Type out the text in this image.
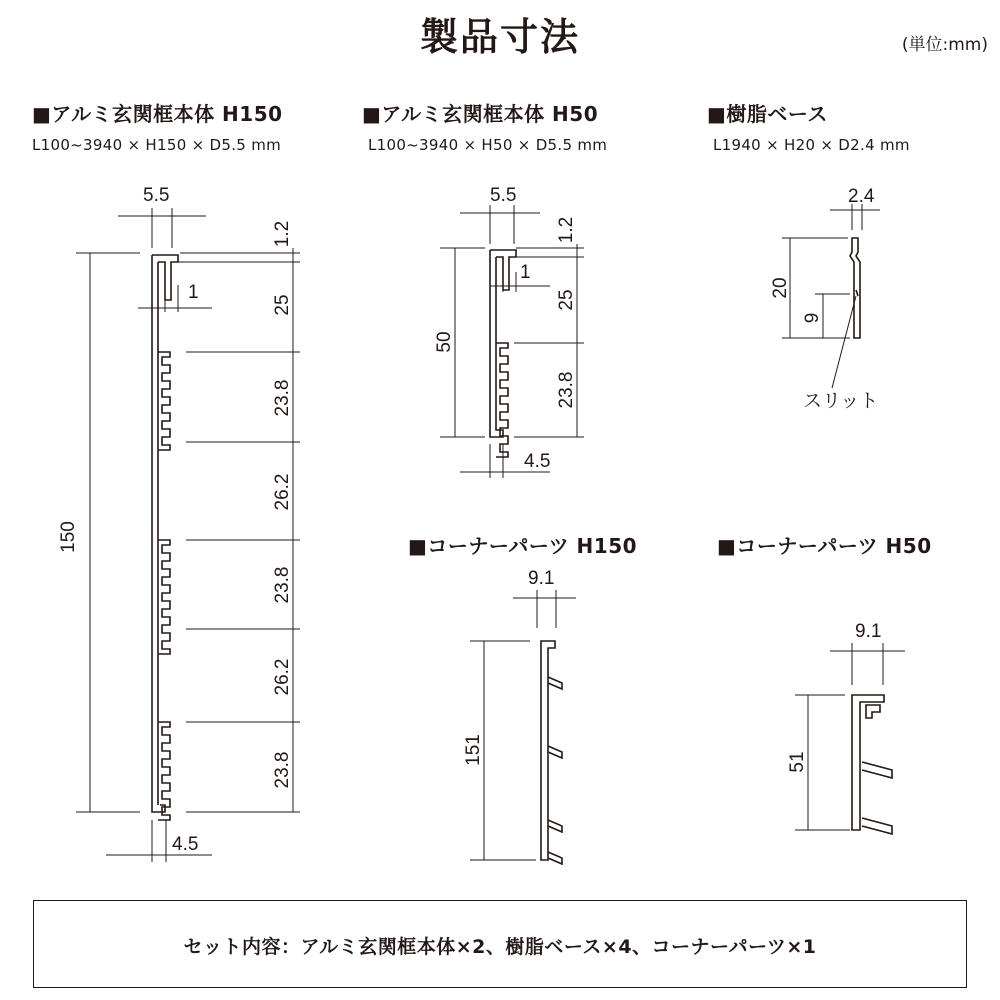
製品寸法	(単位:mm)
■アルミ玄関框本体 H150
L100~3940 × H150 × D5.5 mm
■アルミ玄関框本体 H50
L100~3940 × H50 × D5.5 mm
■樹脂ベース
L1940 × H20 × D2.4 mm
■コーナーパーツ H150	■コーナーパーツ H50
5.5
1
4.5
150
1.2
25
23.8
26.2
23.8
26.2
23.8
5.5
1
4.5
50
1.2
25
23.8
2.4
20
9
スリット
9.1
151
9.1
51
セット内容：アルミ玄関框本体×2、樹脂ベース×4、コーナーパーツ×1
